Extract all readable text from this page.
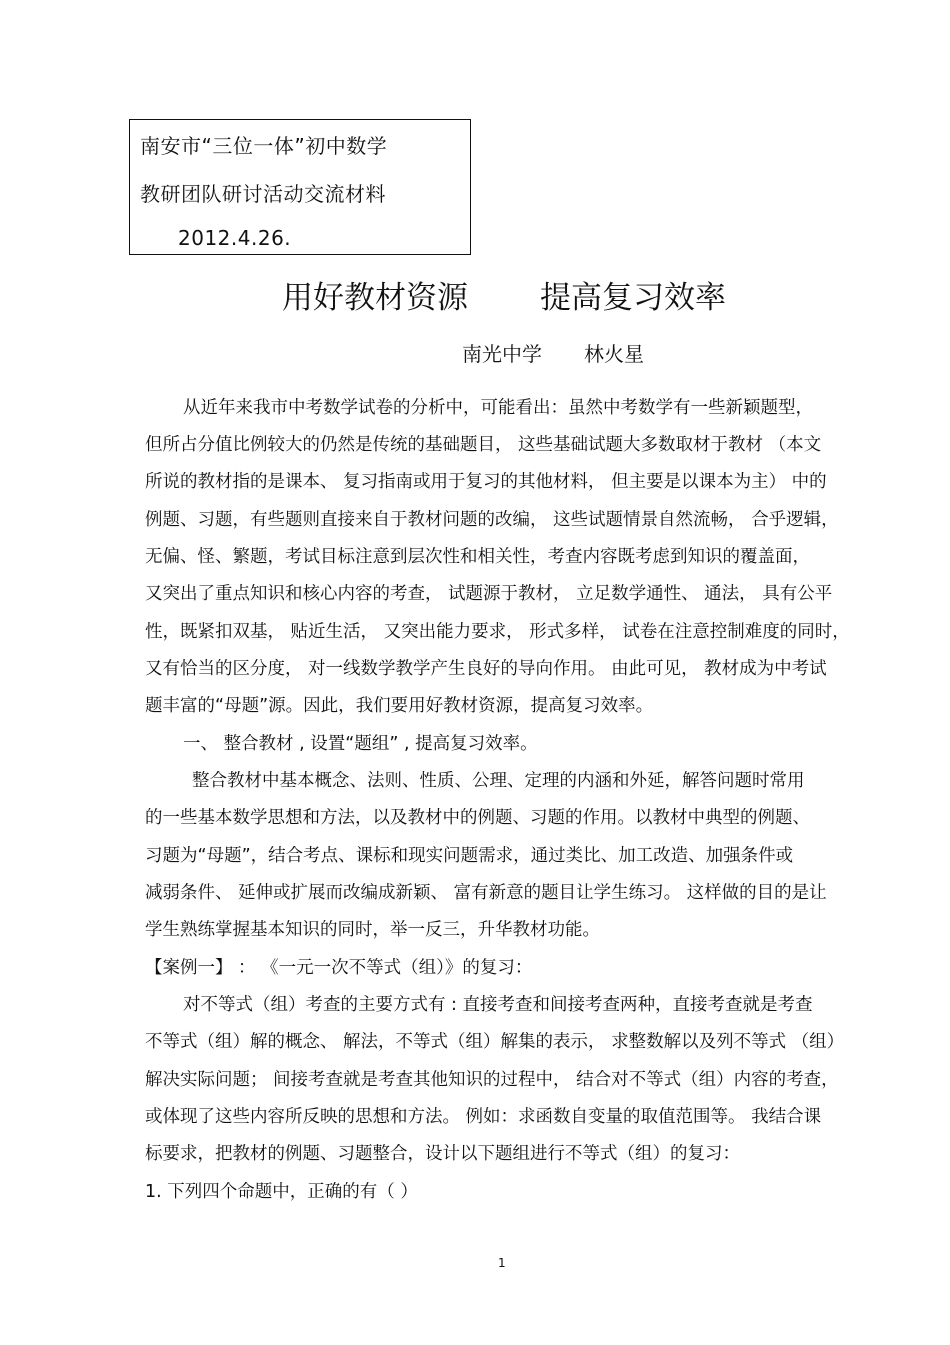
南安市“三位一体”初中数学
教研团队研讨活动交流材料
2012.4.26.
用好教材资源 提高复习效率
南光中学 林火星
从近年来我市中考数学试卷的分析中，可能看出：虽然中考数学有一些新颖题型，
但所占分值比例较大的仍然是传统的基础题目， 这些基础试题大多数取材于教材 （本文
所说的教材指的是课本、 复习指南或用于复习的其他材料， 但主要是以课本为主） 中的
例题、习题，有些题则直接来自于教材问题的改编， 这些试题情景自然流畅， 合乎逻辑，
无偏、怪、繁题，考试目标注意到层次性和相关性，考查内容既考虑到知识的覆盖面，
又突出了重点知识和核心内容的考查， 试题源于教材， 立足数学通性、 通法， 具有公平
性，既紧扣双基， 贴近生活， 又突出能力要求， 形式多样， 试卷在注意控制难度的同时，
又有恰当的区分度， 对一线数学教学产生良好的导向作用。 由此可见， 教材成为中考试
题丰富的“母题”源。因此，我们要用好教材资源，提高复习效率。
一、 整合教材 , 设置“题组” , 提高复习效率。
整合教材中基本概念、法则、性质、公理、定理的内涵和外延，解答问题时常用
的一些基本数学思想和方法，以及教材中的例题、习题的作用。以教材中典型的例题、
习题为“母题”，结合考点、课标和现实问题需求，通过类比、加工改造、加强条件或
减弱条件、 延伸或扩展而改编成新颖、 富有新意的题目让学生练习。 这样做的目的是让
学生熟练掌握基本知识的同时，举一反三，升华教材功能。
【案例一】 ： 《一元一次不等式（组）》的复习：
对不等式（组）考查的主要方式有 : 直接考查和间接考查两种，直接考查就是考查
不等式（组）解的概念、 解法，不等式（组）解集的表示， 求整数解以及列不等式 （组）
解决实际问题； 间接考查就是考查其他知识的过程中， 结合对不等式（组）内容的考查，
或体现了这些内容所反映的思想和方法。 例如：求函数自变量的取值范围等。 我结合课
标要求，把教材的例题、习题整合，设计以下题组进行不等式（组）的复习：
1. 下列四个命题中，正确的有（ ）
1
